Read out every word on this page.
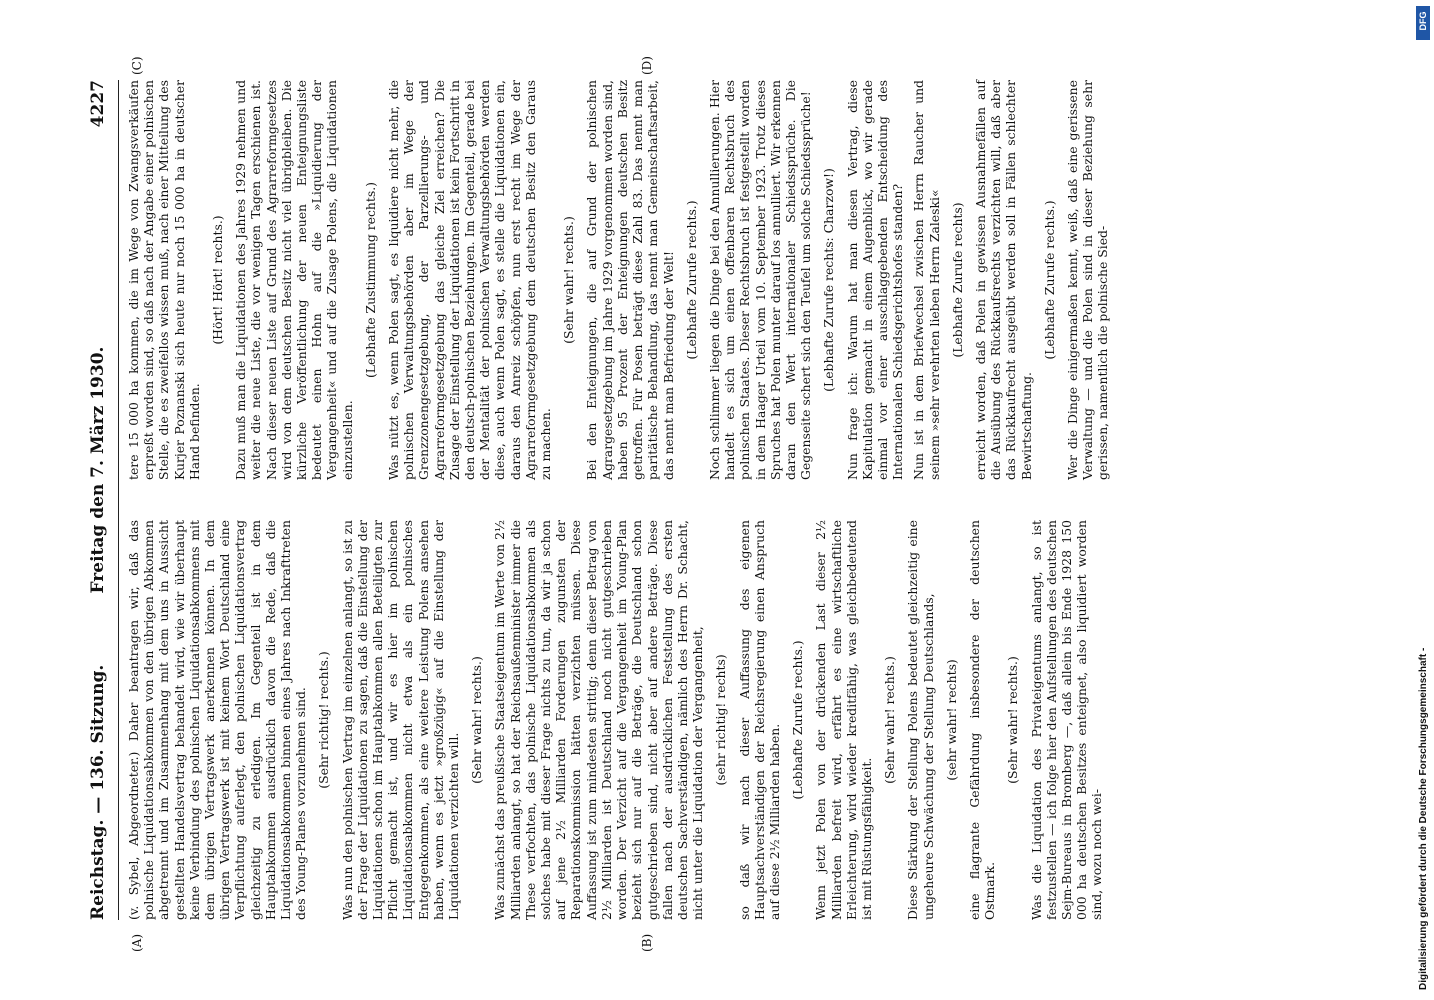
Reichstag. — 136. Sitzung.
Freitag den 7. März 1930.
4227
(A)	(B)
(C)	(D)

(v. Sybel, Abgeordneter.) Daher beantragen wir, daß das polnische Liquidationsabkommen von den übrigen Abkommen abgetrennt und im Zusammenhang mit dem uns in Aussicht gestellten Handelsvertrag behandelt wird, wie wir überhaupt keine Verbindung des polnischen Liquidationsabkommens mit dem übrigen Vertragswerk anerkennen können. In dem übrigen Vertragswerk ist mit keinem Wort Deutschland eine Verpflichtung auferlegt, den polnischen Liquidationsvertrag gleichzeitig zu erledigen. Im Gegenteil ist in dem Hauptabkommen ausdrücklich davon die Rede, daß die Liquidationsabkommen binnen eines Jahres nach Inkrafttreten des Young-Planes vorzunehmen sind. (Sehr richtig! rechts.) Was nun den polnischen Vertrag im einzelnen anlangt, so ist zu der Frage der Liquidationen zu sagen, daß die Einstellung der Liquidationen schon im Hauptabkommen allen Beteiligten zur Pflicht gemacht ist, und wir es hier im polnischen Liquidationsabkommen nicht etwa als ein polnisches Entgegenkommen, als eine weitere Leistung Polens ansehen haben, wenn es jetzt »großzügig« auf die Einstellung der Liquidationen verzichten will.

(Sehr wahr! rechts.) Was zunächst das preußische Staatseigentum im Werte von 2½ Milliarden anlangt, so hat der Reichsaußenminister immer die These verfochten, das polnische Liquidationsabkommen als solches habe mit dieser Frage nichts zu tun, da wir ja schon auf jene 2½ Milliarden Forderungen zugunsten der Reparationskommission hätten verzichten müssen. Diese Auffassung ist zum mindesten strittig; denn dieser Betrag von 2½ Milliarden ist Deutschland noch nicht gutgeschrieben worden. Der Verzicht auf die Vergangenheit im Young-Plan bezieht sich nur auf die Beträge, die Deutschland schon gutgeschrieben sind, nicht aber auf andere Beträge. Diese fallen nach der ausdrücklichen Feststellung des ersten deutschen Sachverständigen, nämlich des Herrn Dr. Schacht, nicht unter die Liquidation der Vergangenheit, (sehr richtig! rechts) so daß wir nach dieser Auffassung des eigenen Hauptsachverständigen der Reichsregierung einen Anspruch auf diese 2½ Milliarden haben.

(Lebhafte Zurufe rechts.) Wenn jetzt Polen von der drückenden Last dieser 2½ Milliarden befreit wird, erfährt es eine wirtschaftliche Erleichterung, wird wieder kreditfähig, was gleichbedeutend ist mit Rüstungsfähigkeit.

(Sehr wahr! rechts.) Diese Stärkung der Stellung Polens bedeutet gleichzeitig eine ungeheure Schwächung der Stellung Deutschlands, (sehr wahr! rechts) eine flagrante Gefährdung insbesondere der deutschen Ostmark.

(Sehr wahr! rechts.) Was die Liquidation des Privateigentums anlangt, so ist festzustellen — ich folge hier den Aufstellungen des deutschen Sejm-Bureaus in Bromberg —, daß allein bis Ende 1928 150 000 ha deutschen Besitzes enteignet, also liquidiert worden sind, wozu noch wei-

tere 15 000 ha kommen, die im Wege von Zwangsverkäufen erpreßt worden sind, so daß nach der Angabe einer polnischen Stelle, die es zweifellos wissen muß, nach einer Mitteilung des Kurjer Poznanski sich heute nur noch 15 000 ha in deutscher Hand befinden.

(Hört! Hört! rechts.) Dazu muß man die Liquidationen des Jahres 1929 nehmen und weiter die neue Liste, die vor wenigen Tagen erschienen ist. Nach dieser neuen Liste auf Grund des Agrarreformgesetzes wird von dem deutschen Besitz nicht viel übrigbleiben. Die kürzliche Veröffentlichung der neuen Enteignungsliste bedeutet einen Hohn auf die »Liquidierung der Vergangenheit« und auf die Zusage Polens, die Liquidationen einzustellen.

(Lebhafte Zustimmung rechts.) Was nützt es, wenn Polen sagt, es liquidiere nicht mehr, die polnischen Verwaltungsbehörden aber im Wege der Grenzzonengesetzgebung, der Parzellierungs- und Agrarreformgesetzgebung das gleiche Ziel erreichen? Die Zusage der Einstellung der Liquidationen ist kein Fortschritt in den deutsch-polnischen Beziehungen. Im Gegenteil, gerade bei der Mentalität der polnischen Verwaltungsbehörden werden diese, auch wenn Polen sagt, es stelle die Liquidationen ein, daraus den Anreiz schöpfen, nun erst recht im Wege der Agrarreformgesetzgebung dem deutschen Besitz den Garaus zu machen.

(Sehr wahr! rechts.) Bei den Enteignungen, die auf Grund der polnischen Agrargesetzgebung im Jahre 1929 vorgenommen worden sind, haben 95 Prozent der Enteignungen deutschen Besitz getroffen. Für Posen beträgt diese Zahl 83. Das nennt man paritätische Behandlung, das nennt man Gemeinschaftsarbeit, das nennt man Befriedung der Welt! (Lebhafte Zurufe rechts.) Noch schlimmer liegen die Dinge bei den Annullierungen. Hier handelt es sich um einen offenbaren Rechtsbruch des polnischen Staates. Dieser Rechtsbruch ist festgestellt worden in dem Haager Urteil vom 10. September 1923. Trotz dieses Spruches hat Polen munter darauf los annulliert. Wir erkennen daran den Wert internationaler Schiedssprüche. Die Gegenseite schert sich den Teufel um solche Schiedssprüche! (Lebhafte Zurufe rechts: Charzow!) Nun frage ich: Warum hat man diesen Vertrag, diese Kapitulation gemacht in einem Augenblick, wo wir gerade einmal vor einer ausschlaggebenden Entscheidung des Internationalen Schiedsgerichtshofes standen? Nun ist in dem Briefwechsel zwischen Herrn Raucher und seinem »sehr verehrten lieben Herrn Zaleski« (Lebhafte Zurufe rechts) erreicht worden, daß Polen in gewissen Ausnahmefällen auf die Ausübung des Rückkaufsrechts verzichten will, daß aber das Rückkaufrecht ausgeübt werden soll in Fällen schlechter Bewirtschaftung.

(Lebhafte Zurufe rechts.) Wer die Dinge einigermaßen kennt, weiß, daß eine gerissene Verwaltung — und die Polen sind in dieser Beziehung sehr gerissen, namentlich die polnische Sied-

Digitalisierung gefördert durch die Deutsche Forschungsgemeinschaft -
DFG
